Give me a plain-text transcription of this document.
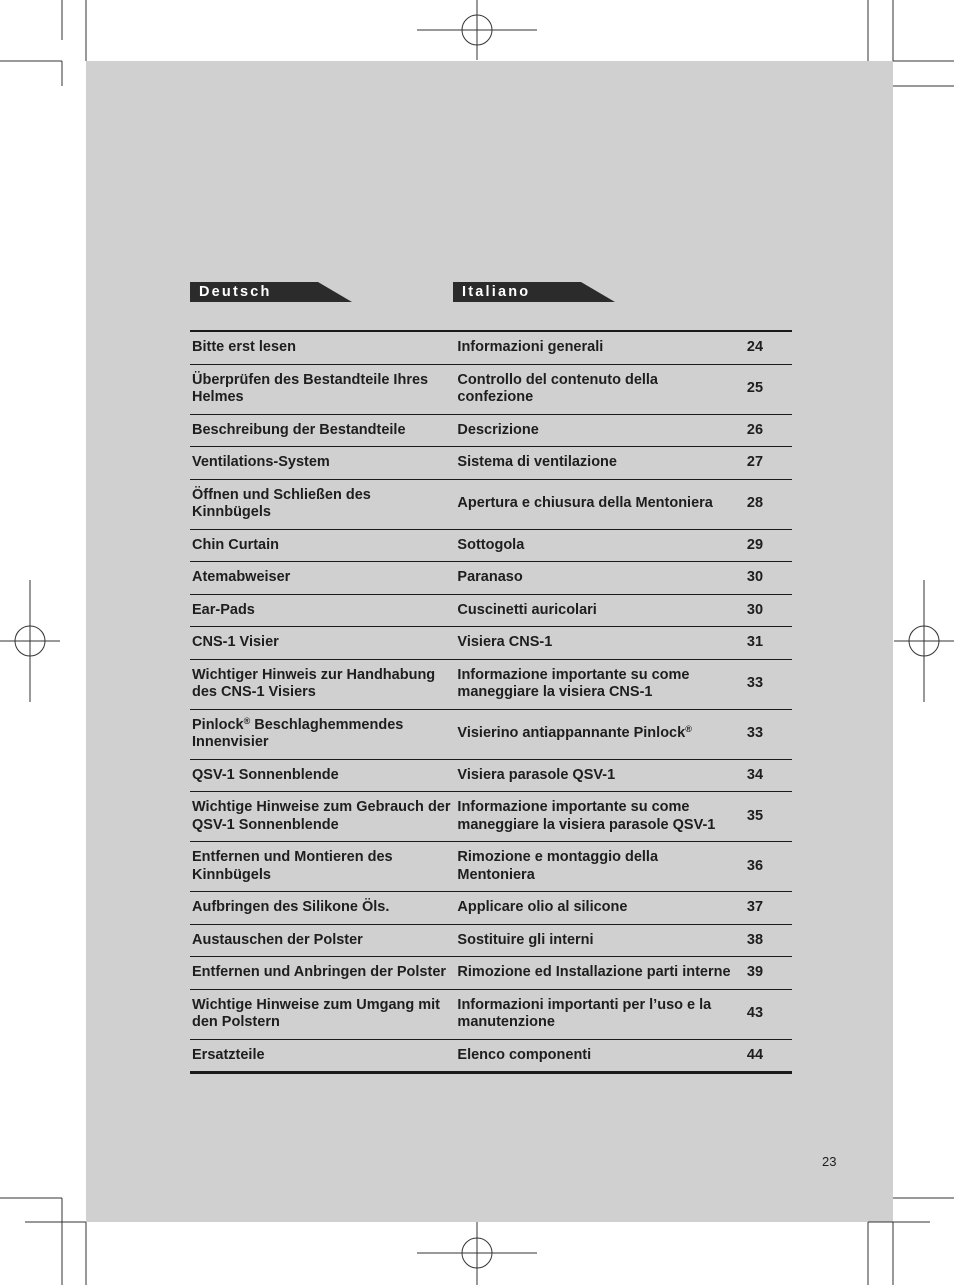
Deutsch	Italiano
Bitte erst lesen	Informazioni generali	24
Überprüfen des Bestandteile Ihres Helmes	Controllo del contenuto della confezione	25
Beschreibung der Bestandteile	Descrizione	26
Ventilations-System	Sistema di ventilazione	27
Öffnen und Schließen des Kinnbügels	Apertura e chiusura della Mentoniera	28
Chin Curtain	Sottogola	29
Atemabweiser	Paranaso	30
Ear-Pads	Cuscinetti auricolari	30
CNS-1 Visier	Visiera CNS-1	31
Wichtiger Hinweis zur Handhabung des CNS-1 Visiers	Informazione importante su come maneggiare la visiera CNS-1	33
Pinlock® Beschlaghemmendes Innenvisier	Visierino antiappannante Pinlock®	33
QSV-1 Sonnenblende	Visiera parasole QSV-1	34
Wichtige Hinweise zum Gebrauch der QSV-1 Sonnenblende	Informazione importante su come maneggiare la visiera parasole QSV-1	35
Entfernen und Montieren des Kinnbügels	Rimozione e montaggio della Mentoniera	36
Aufbringen des Silikone Öls.	Applicare olio al silicone	37
Austauschen der Polster	Sostituire gli interni	38
Entfernen und Anbringen der Polster	Rimozione ed Installazione parti interne	39
Wichtige Hinweise zum Umgang mit den Polstern	Informazioni importanti per l’uso e la manutenzione	43
Ersatzteile	Elenco componenti	44
23
